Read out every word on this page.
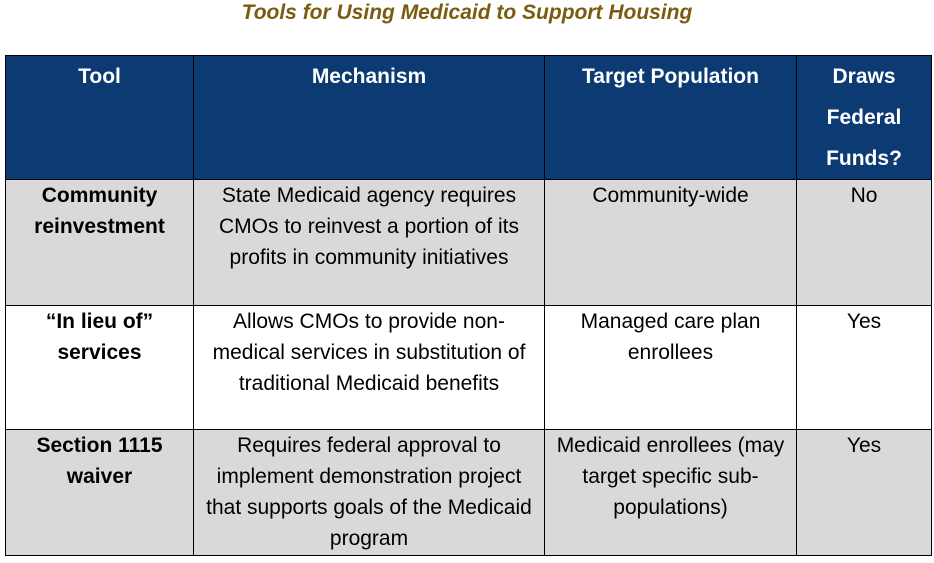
Tools for Using Medicaid to Support Housing
Tool	Mechanism	Target Population	Draws Federal Funds?
Community reinvestment	State Medicaid agency requires CMOs to reinvest a portion of its profits in community initiatives	Community-wide	No
“In lieu of” services	Allows CMOs to provide non-medical services in substitution of traditional Medicaid benefits	Managed care plan enrollees	Yes
Section 1115 waiver	Requires federal approval to implement demonstration project that supports goals of the Medicaid program	Medicaid enrollees (may target specific sub-populations)	Yes
